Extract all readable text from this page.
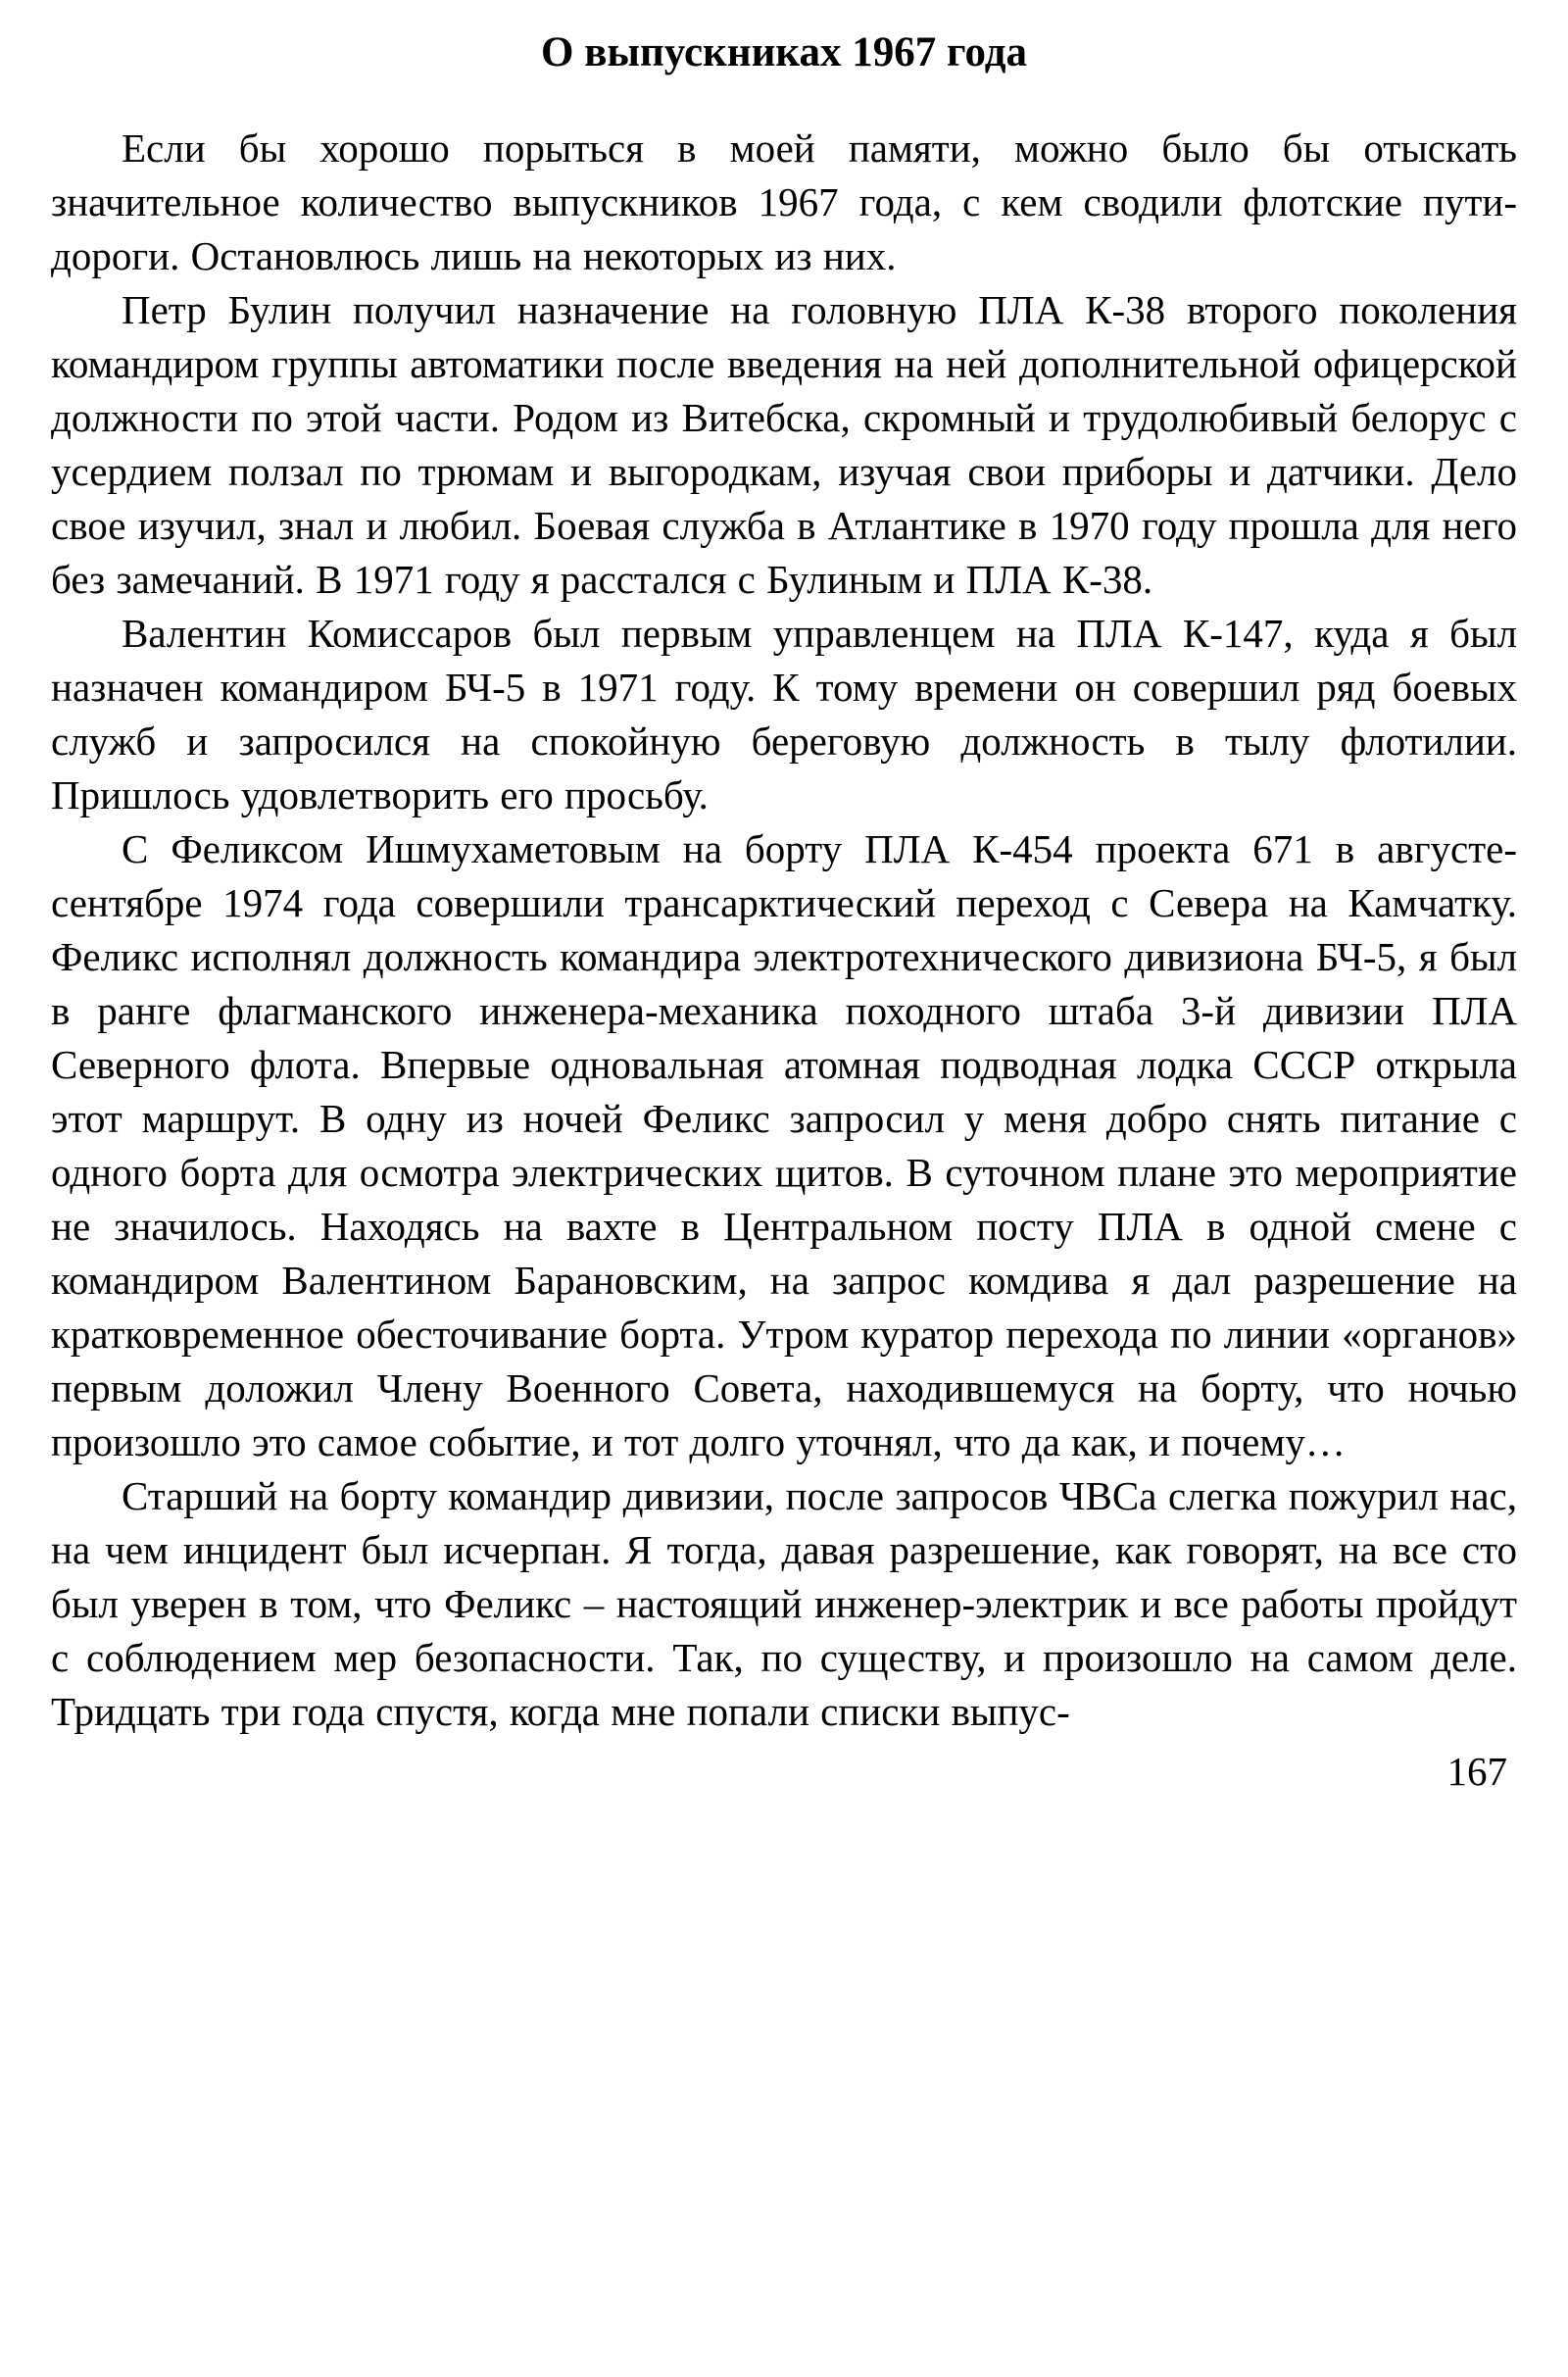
О выпускниках 1967 года

Если бы хорошо порыться в моей памяти, можно было бы отыскать значительное количество выпускников 1967 года, с кем сводили флотские пути-дороги. Остановлюсь лишь на некоторых из них.

Петр Булин получил назначение на головную ПЛА К-38 второго поколения командиром группы автоматики после введения на ней дополнительной офицерской должности по этой части. Родом из Витебска, скромный и трудолюбивый белорус с усердием ползал по трюмам и выгородкам, изучая свои приборы и датчики. Дело свое изучил, знал и любил. Боевая служба в Атлантике в 1970 году прошла для него без замечаний. В 1971 году я расстался с Булиным и ПЛА К-38.

Валентин Комиссаров был первым управленцем на ПЛА К-147, куда я был назначен командиром БЧ-5 в 1971 году. К тому времени он совершил ряд боевых служб и запросился на спокойную береговую должность в тылу флотилии. Пришлось удовлетворить его просьбу.

С Феликсом Ишмухаметовым на борту ПЛА К-454 проекта 671 в августе-сентябре 1974 года совершили трансарктический переход с Севера на Камчатку. Феликс исполнял должность командира электротехнического дивизиона БЧ-5, я был в ранге флагманского инженера-механика походного штаба 3-й дивизии ПЛА Северного флота. Впервые одновальная атомная подводная лодка СССР открыла этот маршрут. В одну из ночей Феликс запросил у меня добро снять питание с одного борта для осмотра электрических щитов. В суточном плане это мероприятие не значилось. Находясь на вахте в Центральном посту ПЛА в одной смене с командиром Валентином Барановским, на запрос комдива я дал разрешение на кратковременное обесточивание борта. Утром куратор перехода по линии «органов» первым доложил Члену Военного Совета, находившемуся на борту, что ночью произошло это самое событие, и тот долго уточнял, что да как, и почему…

Старший на борту командир дивизии, после запросов ЧВСа слегка пожурил нас, на чем инцидент был исчерпан. Я тогда, давая разрешение, как говорят, на все сто был уверен в том, что Феликс – настоящий инженер-электрик и все работы пройдут с соблюдением мер безопасности. Так, по существу, и произошло на самом деле. Тридцать три года спустя, когда мне попали списки выпус-

167
